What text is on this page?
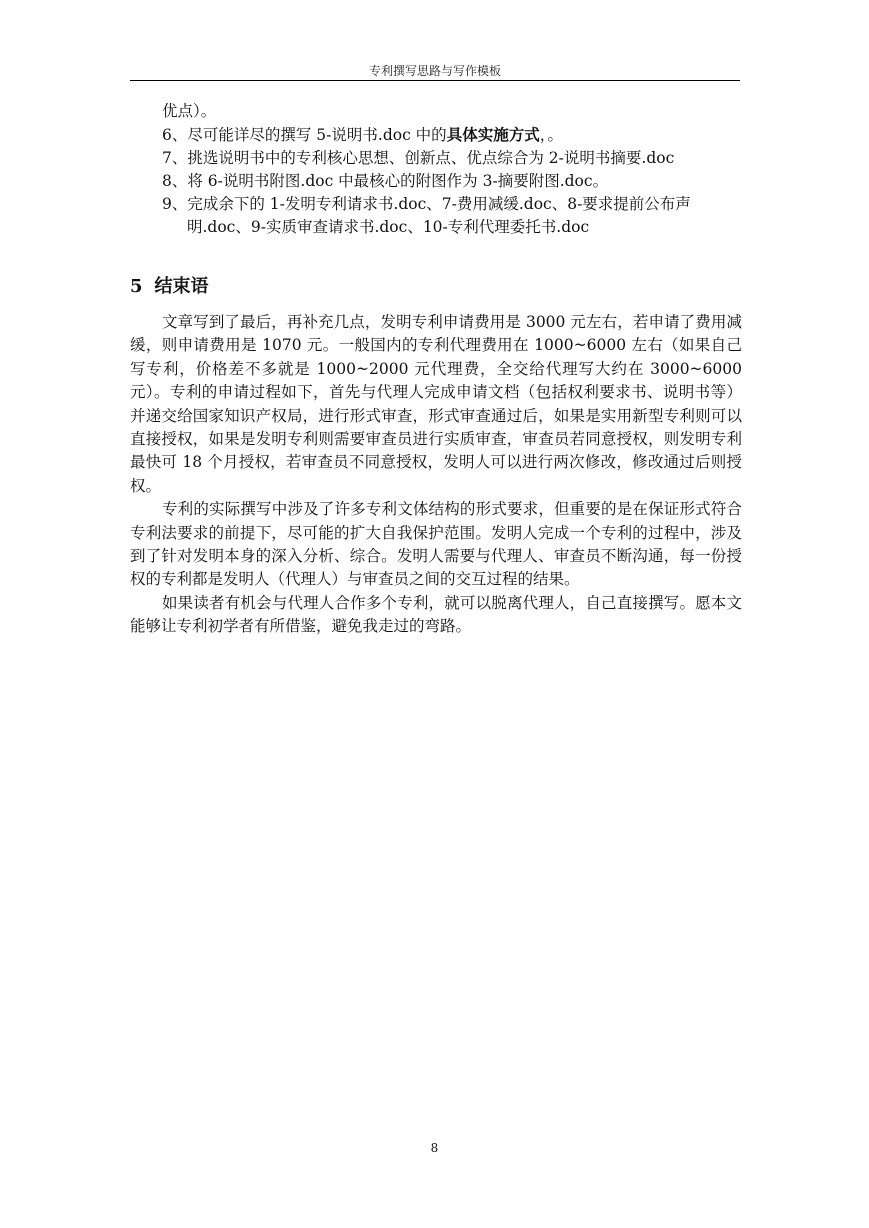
专利撰写思路与写作模板
优点）。
6、尽可能详尽的撰写 5-说明书.doc 中的具体实施方式，。
7、挑选说明书中的专利核心思想、创新点、优点综合为 2-说明书摘要.doc
8、将 6-说明书附图.doc 中最核心的附图作为 3-摘要附图.doc。
9、完成余下的 1-发明专利请求书.doc、7-费用减缓.doc、8-要求提前公布声
明.doc、9-实质审查请求书.doc、10-专利代理委托书.doc
5 结束语

文章写到了最后，再补充几点，发明专利申请费用是 3000 元左右，若申请了费用减缓，则申请费用是 1070 元。一般国内的专利代理费用在 1000~6000 左右（如果自己写专利，价格差不多就是 1000~2000 元代理费，全交给代理写大约在 3000~6000 元）。专利的申请过程如下，首先与代理人完成申请文档（包括权利要求书、说明书等）并递交给国家知识产权局，进行形式审查，形式审查通过后，如果是实用新型专利则可以直接授权，如果是发明专利则需要审查员进行实质审查，审查员若同意授权，则发明专利最快可 18 个月授权，若审查员不同意授权，发明人可以进行两次修改，修改通过后则授权。

专利的实际撰写中涉及了许多专利文体结构的形式要求，但重要的是在保证形式符合专利法要求的前提下，尽可能的扩大自我保护范围。发明人完成一个专利的过程中，涉及到了针对发明本身的深入分析、综合。发明人需要与代理人、审查员不断沟通，每一份授权的专利都是发明人（代理人）与审查员之间的交互过程的结果。

如果读者有机会与代理人合作多个专利，就可以脱离代理人，自己直接撰写。愿本文能够让专利初学者有所借鉴，避免我走过的弯路。

8
